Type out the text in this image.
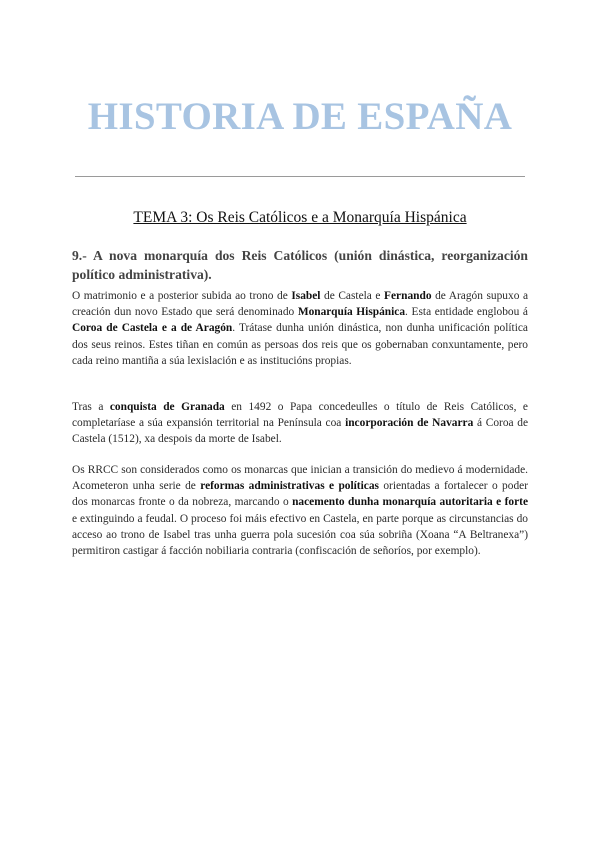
HISTORIA DE ESPAÑA
TEMA 3: Os Reis Católicos e a Monarquía Hispánica
9.- A nova monarquía dos Reis Católicos (unión dinástica, reorganización político administrativa).

O matrimonio e a posterior subida ao trono de Isabel de Castela e Fernando de Aragón supuxo a creación dun novo Estado que será denominado Monarquía Hispánica. Esta entidade englobou á Coroa de Castela e a de Aragón. Trátase dunha unión dinástica, non dunha unificación política dos seus reinos. Estes tiñan en común as persoas dos reis que os gobernaban conxuntamente, pero cada reino mantiña a súa lexislación e as institucións propias.

Tras a conquista de Granada en 1492 o Papa concedeulles o título de Reis Católicos, e completaríase a súa expansión territorial na Península coa incorporación de Navarra á Coroa de Castela (1512), xa despois da morte de Isabel.

Os RRCC son considerados como os monarcas que inician a transición do medievo á modernidade. Acometeron unha serie de reformas administrativas e políticas orientadas a fortalecer o poder dos monarcas fronte o da nobreza, marcando o nacemento dunha monarquía autoritaria e forte e extinguindo a feudal. O proceso foi máis efectivo en Castela, en parte porque as circunstancias do acceso ao trono de Isabel tras unha guerra pola sucesión coa súa sobriña (Xoana “A Beltranexa”) permitiron castigar á facción nobiliaria contraria (confiscación de señoríos, por exemplo).
